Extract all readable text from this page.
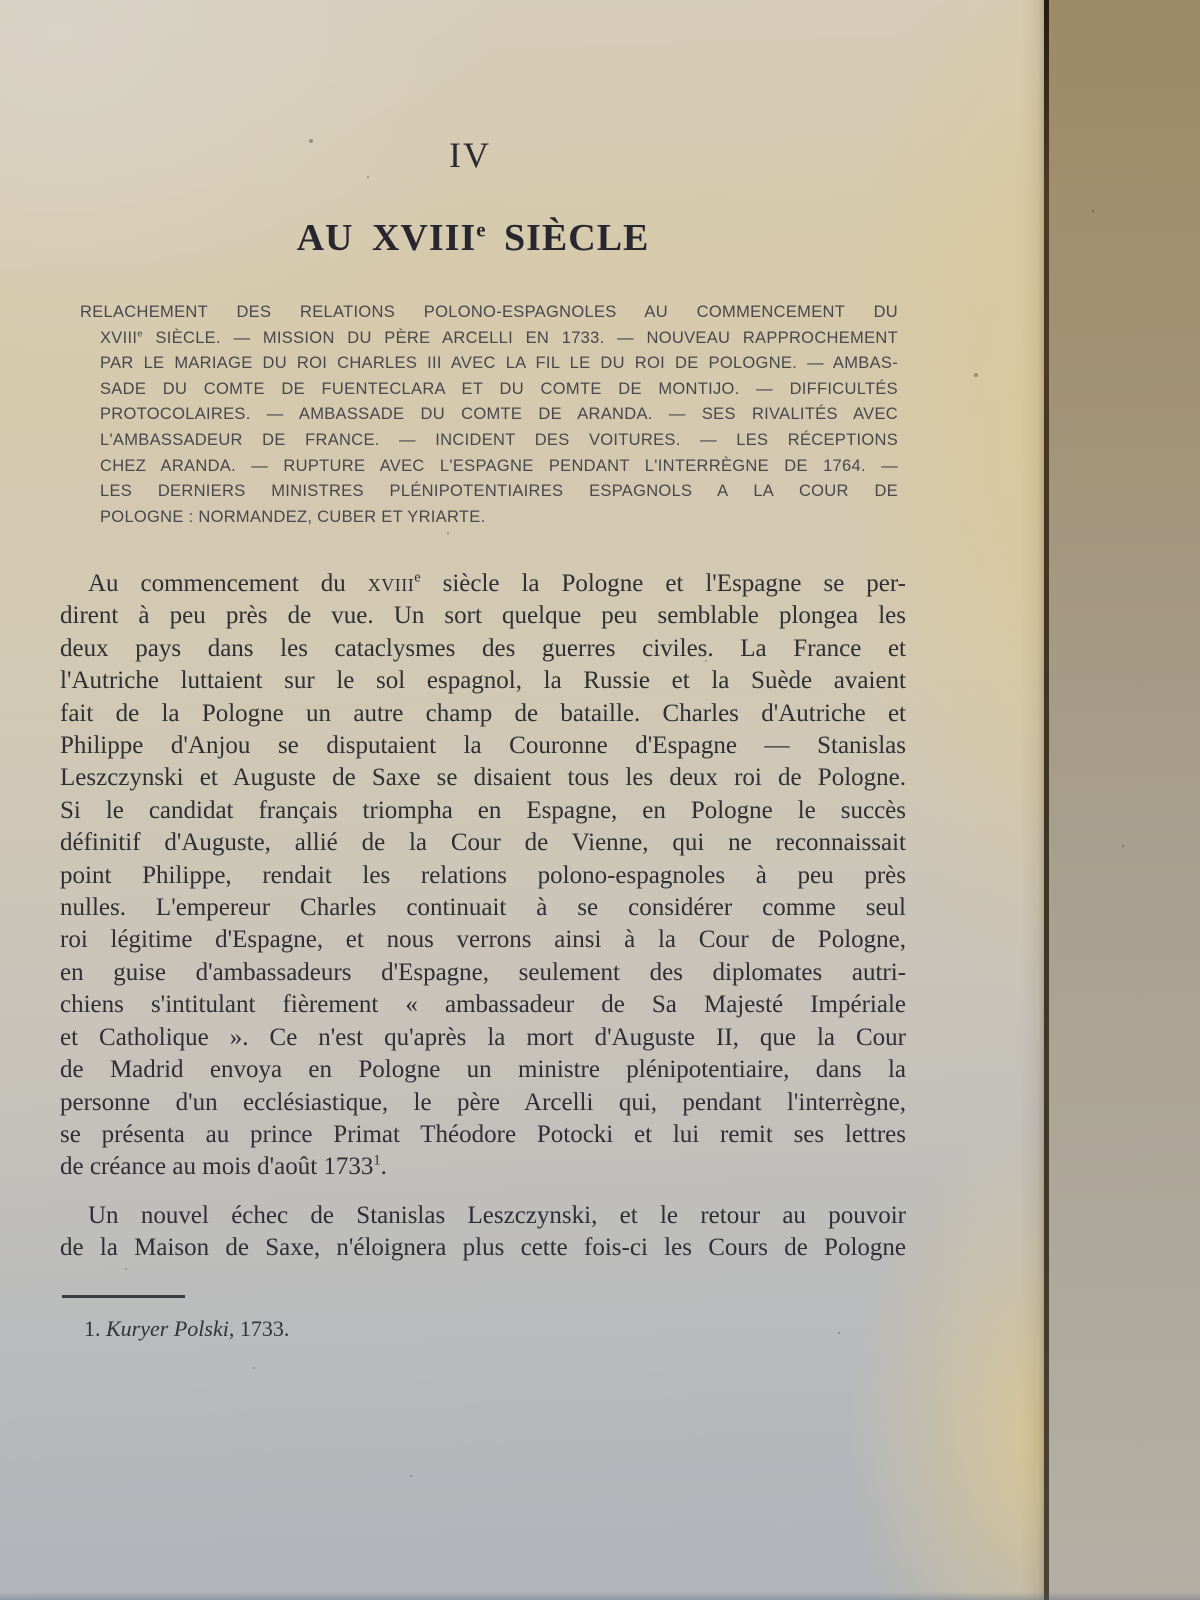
IV
AU XVIIIe SIÈCLE
RELACHEMENT DES RELATIONS POLONO-ESPAGNOLES AU COMMENCEMENT DU
XVIIIe SIÈCLE. — MISSION DU PÈRE ARCELLI EN 1733. — NOUVEAU RAPPROCHEMENT
PAR LE MARIAGE DU ROI CHARLES III AVEC LA FIL LE DU ROI DE POLOGNE. — AMBAS-
SADE DU COMTE DE FUENTECLARA ET DU COMTE DE MONTIJO. — DIFFICULTÉS
PROTOCOLAIRES. — AMBASSADE DU COMTE DE ARANDA. — SES RIVALITÉS AVEC
L'AMBASSADEUR DE FRANCE. — INCIDENT DES VOITURES. — LES RÉCEPTIONS
CHEZ ARANDA. — RUPTURE AVEC L'ESPAGNE PENDANT L'INTERRÈGNE DE 1764. —
LES DERNIERS MINISTRES PLÉNIPOTENTIAIRES ESPAGNOLS A LA COUR DE
POLOGNE : NORMANDEZ, CUBER ET YRIARTE.
Au commencement du xviii$^e$ siècle la Pologne et l'Espagne se per-
dirent à peu près de vue. Un sort quelque peu semblable plongea les
deux pays dans les cataclysmes des guerres civiles. La France et
l'Autriche luttaient sur le sol espagnol, la Russie et la Suède avaient
fait de la Pologne un autre champ de bataille. Charles d'Autriche et
Philippe d'Anjou se disputaient la Couronne d'Espagne — Stanislas
Leszczynski et Auguste de Saxe se disaient tous les deux roi de Pologne.
Si le candidat français triompha en Espagne, en Pologne le succès
définitif d'Auguste, allié de la Cour de Vienne, qui ne reconnaissait
point Philippe, rendait les relations polono-espagnoles à peu près
nulles. L'empereur Charles continuait à se considérer comme seul
roi légitime d'Espagne, et nous verrons ainsi à la Cour de Pologne,
en guise d'ambassadeurs d'Espagne, seulement des diplomates autri-
chiens s'intitulant fièrement « ambassadeur de Sa Majesté Impériale
et Catholique ». Ce n'est qu'après la mort d'Auguste II, que la Cour
de Madrid envoya en Pologne un ministre plénipotentiaire, dans la
personne d'un ecclésiastique, le père Arcelli qui, pendant l'interrègne,
se présenta au prince Primat Théodore Potocki et lui remit ses lettres
de créance au mois d'août 1733$^1$.
Un nouvel échec de Stanislas Leszczynski, et le retour au pouvoir
de la Maison de Saxe, n'éloignera plus cette fois-ci les Cours de Pologne
1. Kuryer Polski, 1733.
